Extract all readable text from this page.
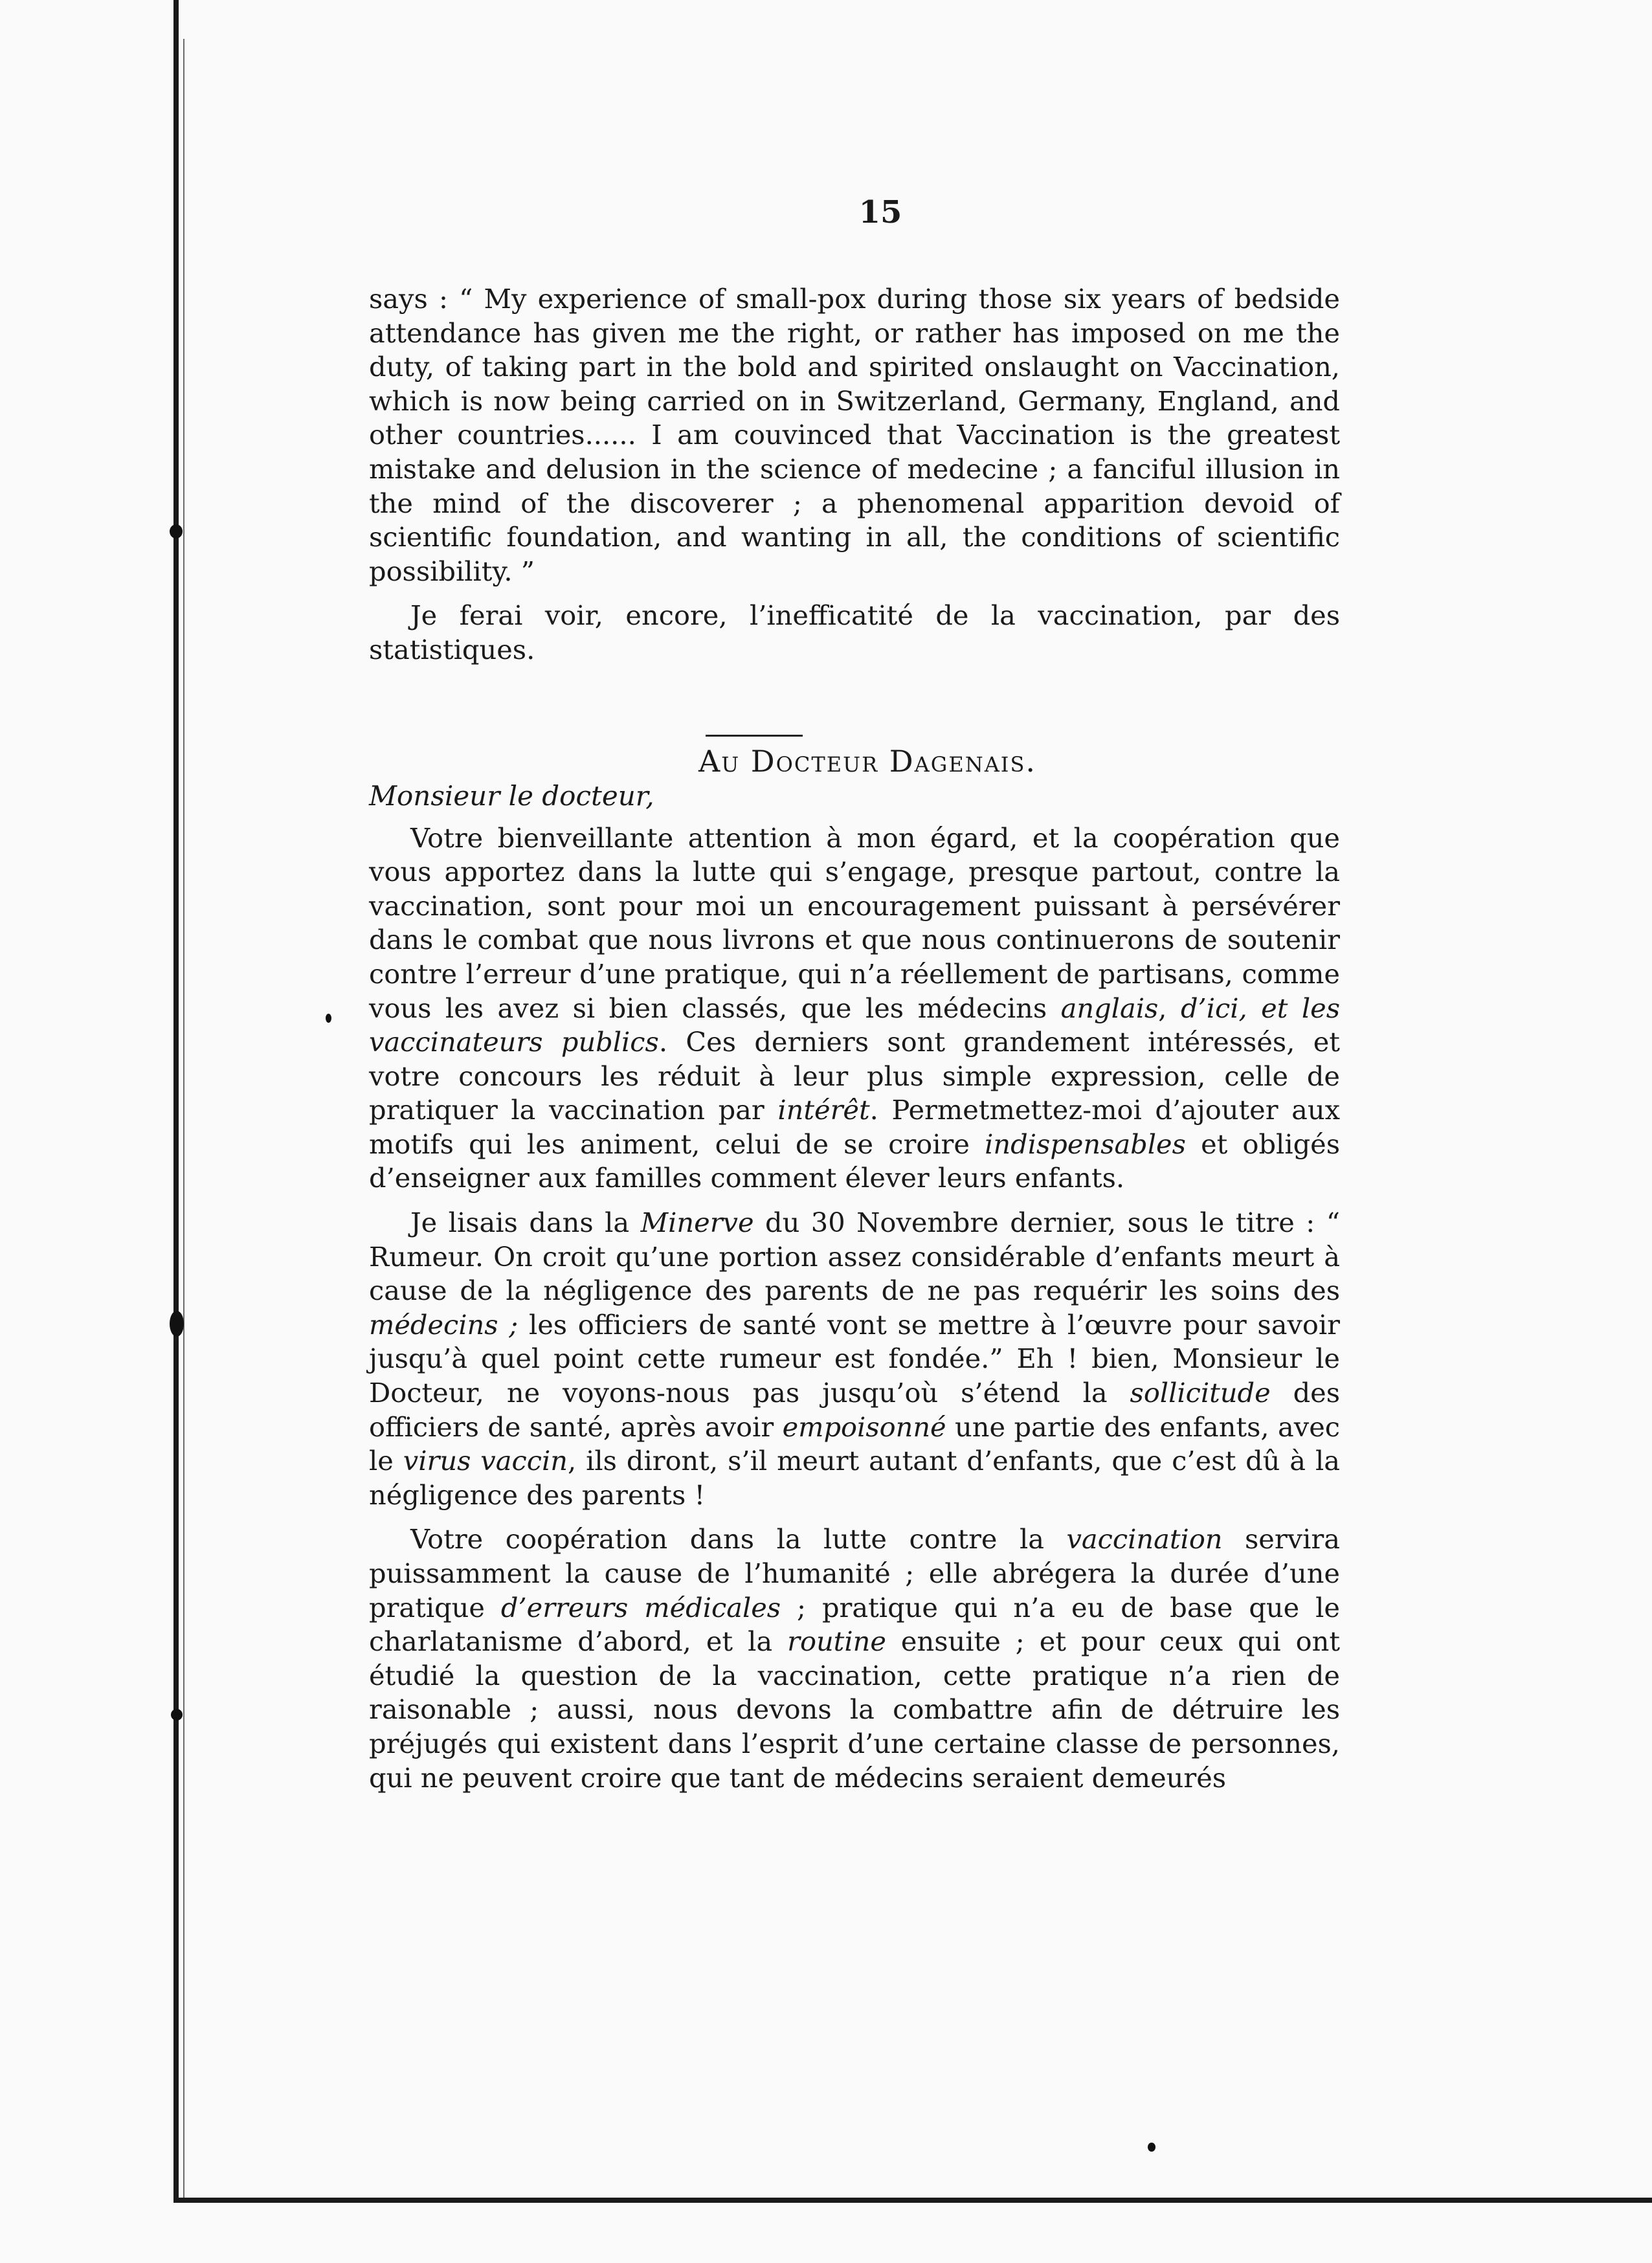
15

says : “ My experience of small-pox during those six years of bedside attendance has given me the right, or rather has imposed on me the duty, of taking part in the bold and spirited onslaught on Vaccination, which is now being carried on in Switzerland, Germany, England, and other countries...... I am couvinced that Vaccination is the greatest mistake and delusion in the science of medecine ; a fanciful illusion in the mind of the discoverer ; a phenomenal apparition devoid of scientific foundation, and wanting in all, the conditions of scientific possibility. ”

Je ferai voir, encore, l’inefficatité de la vaccination, par des statistiques.

Au Docteur Dagenais.
Monsieur le docteur,

Votre bienveillante attention à mon égard, et la coopération que vous apportez dans la lutte qui s’engage, presque partout, contre la vaccination, sont pour moi un encouragement puissant à persévérer dans le combat que nous livrons et que nous continuerons de soutenir contre l’erreur d’une pratique, qui n’a réellement de partisans, comme vous les avez si bien classés, que les médecins anglais, d’ici, et les vaccinateurs publics. Ces derniers sont grandement intéressés, et votre concours les réduit à leur plus simple expression, celle de pratiquer la vaccination par intérêt. Permetmettez-moi d’ajouter aux motifs qui les animent, celui de se croire indispensables et obligés d’enseigner aux familles comment élever leurs enfants.

Je lisais dans la Minerve du 30 Novembre dernier, sous le titre : “ Rumeur. On croit qu’une portion assez considérable d’enfants meurt à cause de la négligence des parents de ne pas requérir les soins des médecins ; les officiers de santé vont se mettre à l’œuvre pour savoir jusqu’à quel point cette rumeur est fondée.” Eh ! bien, Monsieur le Docteur, ne voyons-nous pas jusqu’où s’étend la sollicitude des officiers de santé, après avoir empoisonné une partie des enfants, avec le virus vaccin, ils diront, s’il meurt autant d’enfants, que c’est dû à la négligence des parents !

Votre coopération dans la lutte contre la vaccination servira puissamment la cause de l’humanité ; elle abrégera la durée d’une pratique d’erreurs médicales ; pratique qui n’a eu de base que le charlatanisme d’abord, et la routine ensuite ; et pour ceux qui ont étudié la question de la vaccination, cette pratique n’a rien de raisonable ; aussi, nous devons la combattre afin de détruire les préjugés qui existent dans l’esprit d’une certaine classe de personnes, qui ne peuvent croire que tant de médecins seraient demeurés
